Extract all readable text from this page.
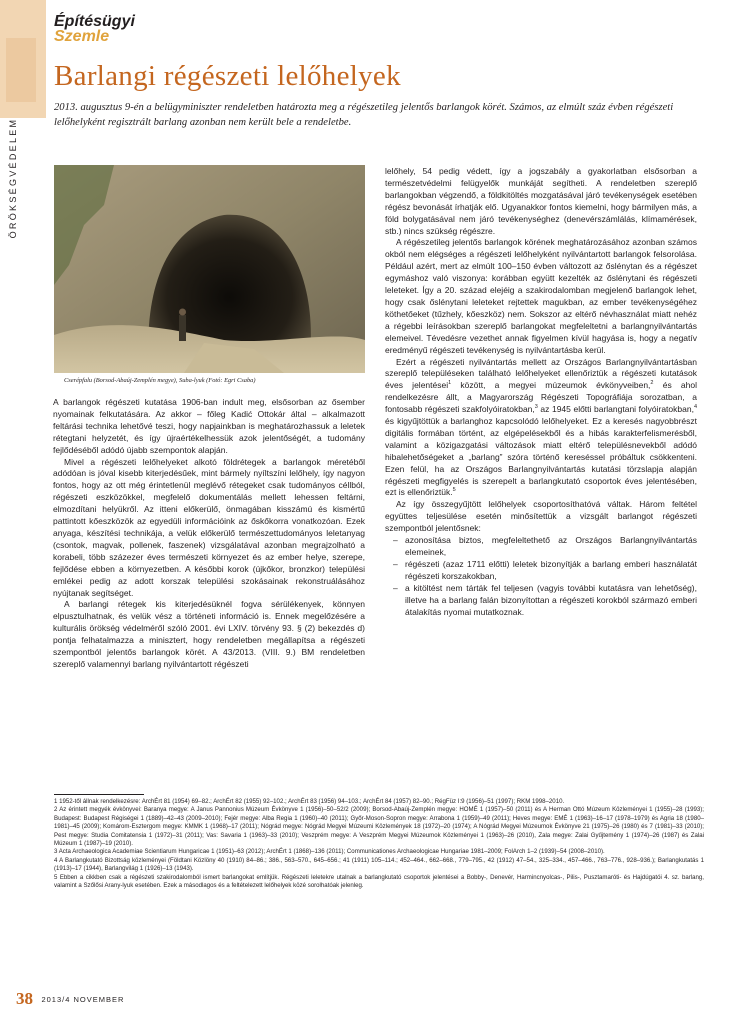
Építésügyi
Szemle
ÖRÖKSÉGVÉDELEM
Barlangi régészeti lelőhelyek

2013. augusztus 9-én a belügyminiszter rendeletben határozta meg a régészetileg jelentős barlangok körét. Számos, az elmúlt száz évben régészeti lelőhelyként regisztrált barlang azonban nem került bele a rendeletbe.

Cserépfalu (Borsod-Abaúj-Zemplén megye), Suba-lyuk (Fotó: Egri Csaba)

A barlangok régészeti kutatása 1906-ban indult meg, elsősorban az ősember nyomainak felkutatására. Az akkor – főleg Kadić Ottokár által – alkalmazott feltárási technika lehetővé teszi, hogy napjainkban is meghatározhassuk a leletek rétegtani helyzetét, és így újraértékelhessük azok jelentőségét, a tudomány fejlődéséből adódó újabb szempontok alapján.

Mivel a régészeti lelőhelyeket alkotó földrétegek a barlangok méretéből adódóan is jóval kisebb kiterjedésűek, mint bármely nyíltszíni lelőhely, így nagyon fontos, hogy az ott még érintetlenül meglévő rétegeket csak tudományos céllból, régészeti eszközökkel, megfelelő dokumentálás mellett lehessen feltárni, elmozdítani helyükről. Az itteni előkerülő, önmagában kisszámú és kismértű pattintott kőeszközök az egyedüli információink az őskőkorra vonatkozóan. Ezek anyaga, készítési technikája, a velük előkerülő természettudományos leletanyag (csontok, magvak, pollenek, faszenek) vizsgálatával azonban megrajzolható a korabeli, több százezer éves természeti környezet és az ember helye, szerepe, fejlődése ebben a környezetben. A későbbi korok (újkőkor, bronzkor) települési emlékei pedig az adott korszak települési szokásainak rekonstruálásához nyújtanak segítséget.

A barlangi rétegek kis kiterjedésüknél fogva sérülékenyek, könnyen elpusztulhatnak, és velük vész a történeti információ is. Ennek megelőzésére a kulturális örökség védelméről szóló 2001. évi LXIV. törvény 93. § (2) bekezdés d) pontja felhatalmazza a minisztert, hogy rendeletben megállapítsa a régészeti szempontból jelentős barlangok körét. A 43/2013. (VIII. 9.) BM rendeletben szereplő valamennyi barlang nyilvántartott régészeti

lelőhely, 54 pedig védett, így a jogszabály a gyakorlatban elsősorban a természetvédelmi felügyelők munkáját segítheti. A rendeletben szereplő barlangokban végzendő, a földkitöltés mozgatásával járó tevékenységek esetében régész bevonását írhatják elő. Ugyanakkor fontos kiemelni, hogy bármilyen más, a föld bolygatásával nem járó tevékenységhez (denevérszámlálás, klímamérések, stb.) nincs szükség régészre.

A régészetileg jelentős barlangok körének meghatározásához azonban számos okból nem elégséges a régészeti lelőhelyként nyilvántartott barlangok felsorolása. Például azért, mert az elmúlt 100–150 évben változott az őslénytan és a régészet egymáshoz való viszonya: korábban együtt kezelték az őslénytani és régészeti leleteket. Így a 20. század elejéig a szakirodalomban megjelenő barlangok lehet, hogy csak őslénytani leleteket rejtettek magukban, az ember tevékenységéhez köthetőeket (tűzhely, kőeszköz) nem. Sokszor az eltérő névhasználat miatt nehéz a régebbi leírásokban szereplő barlangokat megfeleltetni a barlangnyilvántartás elemeivel. Tévedésre vezethet annak figyelmen kívül hagyása is, hogy a negatív eredményű régészeti tevékenység is nyilvántartásba kerül.

Ezért a régészeti nyilvántartás mellett az Országos Barlangnyilvántartásban szereplő településeken található lelőhelyeket ellenőriztük a régészeti kutatások éves jelentései$^1$ között, a megyei múzeumok évkönyveiben,$^2$ és ahol rendelkezésre állt, a Magyarország Régészeti Topográfiája sorozatban, a fontosabb régészeti szakfolyóiratokban,$^3$ az 1945 előtti barlangtani folyóiratokban,$^4$ és kigyűjtöttük a barlanghoz kapcsolódó lelőhelyeket. Ez a keresés nagyobbrészt digitális formában történt, az elgépelésekből és a hibás karakterfelismerésből, valamint a közigazgatási változások miatt eltérő településnevekből adódó hibalehetőségeket a „barlang” szóra történő kereséssel próbáltuk csökkenteni. Ezen felül, ha az Országos Barlangnyilvántartás kutatási törzslapja alapján régészeti megfigyelés is szerepelt a barlangkutató csoportok éves jelentésében, ezt is ellenőriztük.$^5$

Az így összegyűjtött lelőhelyek csoportosíthatóvá váltak. Három feltétel együttes teljesülése esetén minősítettük a vizsgált barlangot régészeti szempontból jelentősnek:

– azonosítása biztos, megfeleltethető az Országos Barlangnyilvántartás elemeinek,
– régészeti (azaz 1711 előtti) leletek bizonyítják a barlang emberi használatát régészeti korszakokban,
– a kitöltést nem tárták fel teljesen (vagyis további kutatásra van lehetőség), illetve ha a barlang falán bizonyítottan a régészeti korokból származó emberi átalakítás nyomai mutatkoznak.

1 1952-től állnak rendelkezésre: ArchÉrt 81 (1954) 69–82.; ArchÉrt 82 (1955) 92–102.; ArchÉrt 83 (1956) 94–103.; ArchÉrt 84 (1957) 82–90.; RégFüz I:9 (1956)–51 (1997); RKM 1998–2010.

2 Az érintett megyék évkönyvei: Baranya megye: A Janus Pannonius Múzeum Évkönyve 1 (1956)–50–52/2 (2009); Borsod-Abaúj-Zemplén megye: HOMÉ 1 (1957)–50 (2011) és A Herman Ottó Múzeum Közleményei 1 (1955)–28 (1993); Budapest: Budapest Régiségei 1 (1889)–42–43 (2009–2010); Fejér megye: Alba Regia 1 (1960)–40 (2011); Győr-Moson-Sopron megye: Arrabona 1 (1959)–49 (2011); Heves megye: EMÉ 1 (1963)–16–17 (1978–1979) és Agria 18 (1980–1981)–45 (2009); Komárom-Esztergom megye: KMMK 1 (1968)–17 (2011); Nógrád megye: Nógrád Megyei Múzeumi Közlemények 18 (1972)–20 (1974); A Nógrád Megyei Múzeumok Évkönyve 21 (1975)–26 (1980) és 7 (1981)–33 (2010); Pest megye: Studia Comitatensia 1 (1972)–31 (2011); Vas: Savaria 1 (1963)–33 (2010); Veszprém megye: A Veszprém Megyei Múzeumok Közleményei 1 (1963)–26 (2010), Zala megye: Zalai Gyűjtemény 1 (1974)–26 (1987) és Zalai Múzeum 1 (1987)–19 (2010).

3 Acta Archaeologica Academiae Scientiarum Hungaricae 1 (1951)–63 (2012); ArchÉrt 1 (1868)–136 (2011); Communicationes Archaeologicae Hungariae 1981–2009; FolArch 1–2 (1939)–54 (2008–2010).

4 A Barlangkutató Bizottság közleményei (Földtani Közlöny 40 (1910) 84–86.; 386., 563–570., 645–656.; 41 (1911) 105–114.; 452–464., 662–668., 779–795., 42 (1912) 47–54., 325–334., 457–466., 763–776., 928–936.); Barlangkutatás 1 (1913)–17 (1944), Barlangvilág 1 (1926)–13 (1943).

5 Ebben a cikkben csak a régészeti szakirodalomból ismert barlangokat említjük. Régészeti leletekre utalnak a barlangkutató csoportok jelentései a Bobby-, Denevér, Harmincnyolcas-, Pilis-, Pusztamaróti- és Hajdúgatói 4. sz. barlang, valamint a Szőlősi Arany-lyuk esetében. Ezek a másodlagos és a feltételezett lelőhelyek közé sorolhatóak jelenleg.

38 2013/4 NOVEMBER
